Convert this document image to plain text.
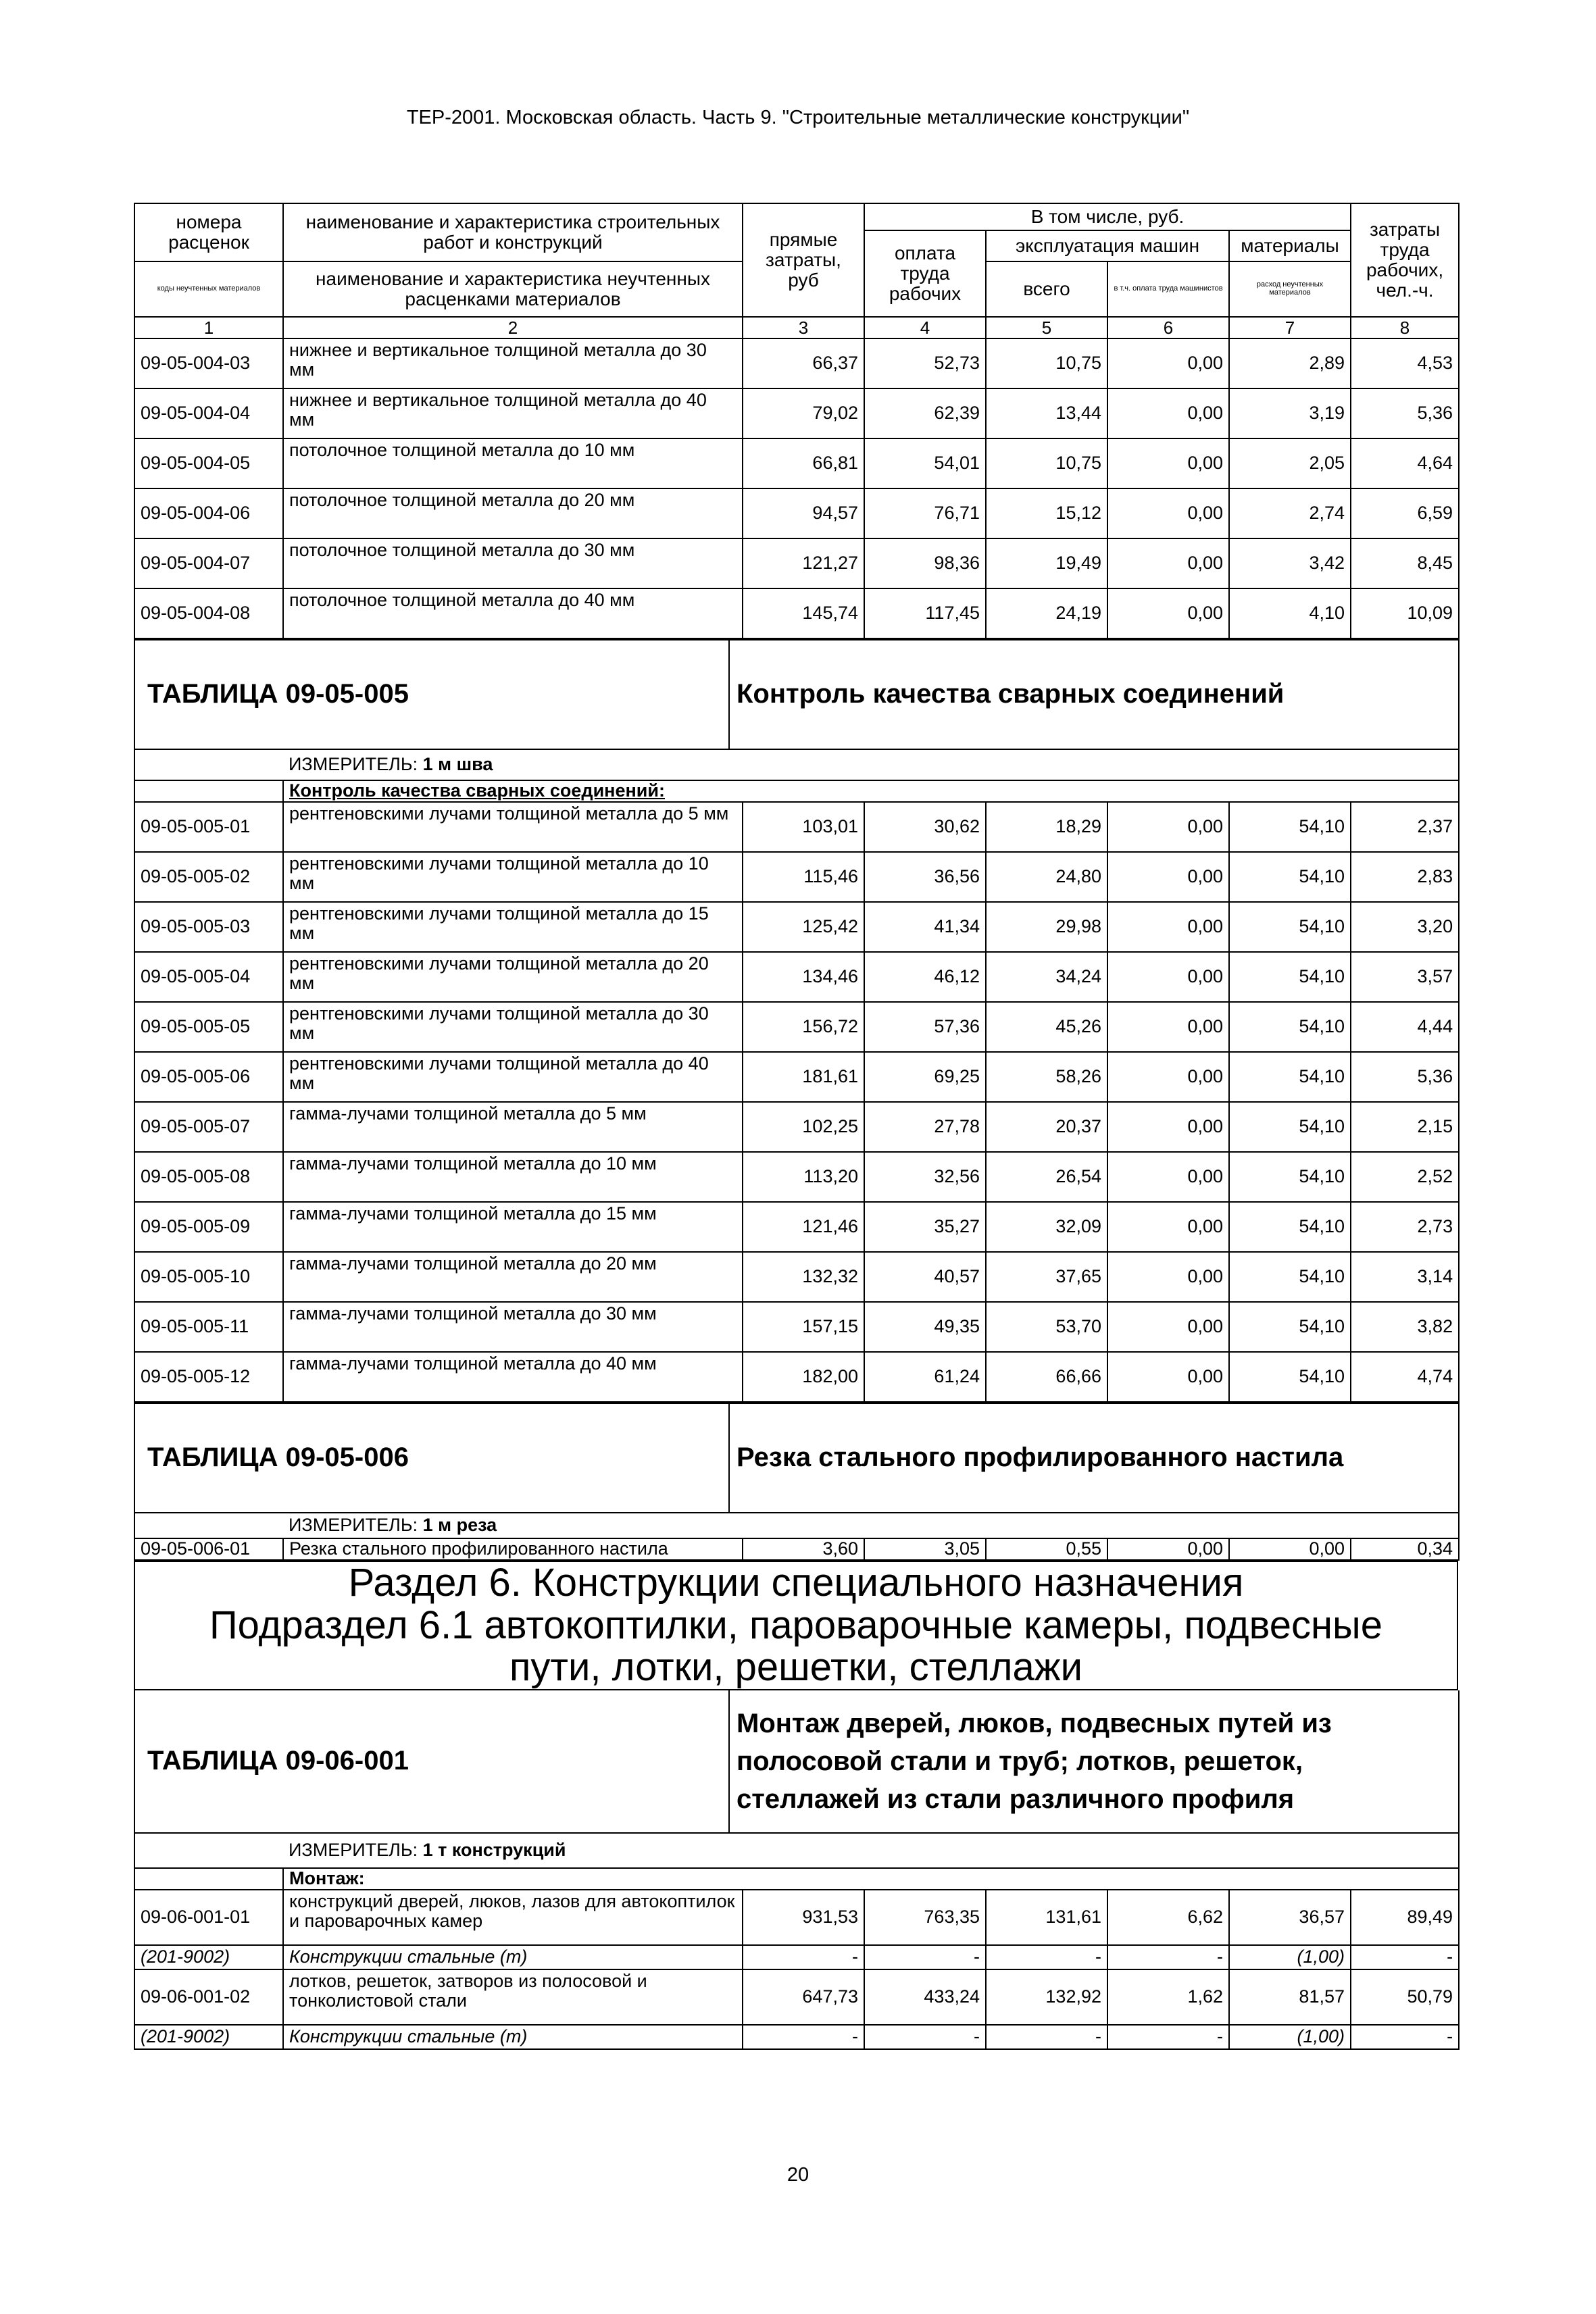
ТЕР-2001. Московская область. Часть 9. "Строительные металлические конструкции"
номера расценок	наименование и характеристика строительных работ и конструкций	прямые затраты, руб	В том числе, руб.				затраты труда рабочих, чел.-ч.
			оплата труда рабочих	эксплуатация машин		материалы	
коды неучтенных материалов	наименование и характеристика неучтенных расценками материалов			всего	в т.ч. оплата труда машинистов	расход неучтенных материалов	

1	2	3	4	5	6	7	8
09-05-004-03	нижнее и вертикальное толщиной металла до 30 мм	66,37	52,73	10,75	0,00	2,89	4,53
09-05-004-04	нижнее и вертикальное толщиной металла до 40 мм	79,02	62,39	13,44	0,00	3,19	5,36
09-05-004-05	потолочное толщиной металла до 10 мм	66,81	54,01	10,75	0,00	2,05	4,64
09-05-004-06	потолочное толщиной металла до 20 мм	94,57	76,71	15,12	0,00	2,74	6,59
09-05-004-07	потолочное толщиной металла до 30 мм	121,27	98,36	19,49	0,00	3,42	8,45
09-05-004-08	потолочное толщиной металла до 40 мм	145,74	117,45	24,19	0,00	4,10	10,09
ТАБЛИЦА 09-05-005	Контроль качества сварных соединений
	ИЗМЕРИТЕЛЬ: 1 м шва						
	Контроль качества сварных соединений:						
09-05-005-01	рентгеновскими лучами толщиной металла до 5 мм	103,01	30,62	18,29	0,00	54,10	2,37
09-05-005-02	рентгеновскими лучами толщиной металла до 10 мм	115,46	36,56	24,80	0,00	54,10	2,83
09-05-005-03	рентгеновскими лучами толщиной металла до 15 мм	125,42	41,34	29,98	0,00	54,10	3,20
09-05-005-04	рентгеновскими лучами толщиной металла до 20 мм	134,46	46,12	34,24	0,00	54,10	3,57
09-05-005-05	рентгеновскими лучами толщиной металла до 30 мм	156,72	57,36	45,26	0,00	54,10	4,44
09-05-005-06	рентгеновскими лучами толщиной металла до 40 мм	181,61	69,25	58,26	0,00	54,10	5,36
09-05-005-07	гамма-лучами толщиной металла до 5 мм	102,25	27,78	20,37	0,00	54,10	2,15
09-05-005-08	гамма-лучами толщиной металла до 10 мм	113,20	32,56	26,54	0,00	54,10	2,52
09-05-005-09	гамма-лучами толщиной металла до 15 мм	121,46	35,27	32,09	0,00	54,10	2,73
09-05-005-10	гамма-лучами толщиной металла до 20 мм	132,32	40,57	37,65	0,00	54,10	3,14
09-05-005-11	гамма-лучами толщиной металла до 30 мм	157,15	49,35	53,70	0,00	54,10	3,82
09-05-005-12	гамма-лучами толщиной металла до 40 мм	182,00	61,24	66,66	0,00	54,10	4,74
ТАБЛИЦА 09-05-006	Резка стального профилированного настила
	ИЗМЕРИТЕЛЬ: 1 м реза						
09-05-006-01	Резка стального профилированного настила	3,60	3,05	0,55	0,00	0,00	0,34
Раздел 6. Конструкции специального назначения
Подраздел 6.1 автокоптилки, пароварочные камеры, подвесные
пути, лотки, решетки, стеллажи
ТАБЛИЦА 09-06-001	
Монтаж дверей, люков, подвесных путей из
полосовой стали и труб; лотков, решеток,
стеллажей из стали различного профиля
	ИЗМЕРИТЕЛЬ: 1 т конструкций						
	Монтаж:						
09-06-001-01	конструкций дверей, люков, лазов для автокоптилок и пароварочных камер	931,53	763,35	131,61	6,62	36,57	89,49
(201-9002)	Конструкции стальные (т)	-	-	-	-	(1,00)	-
09-06-001-02	лотков, решеток, затворов из полосовой и тонколистовой стали	647,73	433,24	132,92	1,62	81,57	50,79
(201-9002)	Конструкции стальные (т)	-	-	-	-	(1,00)	-
20
